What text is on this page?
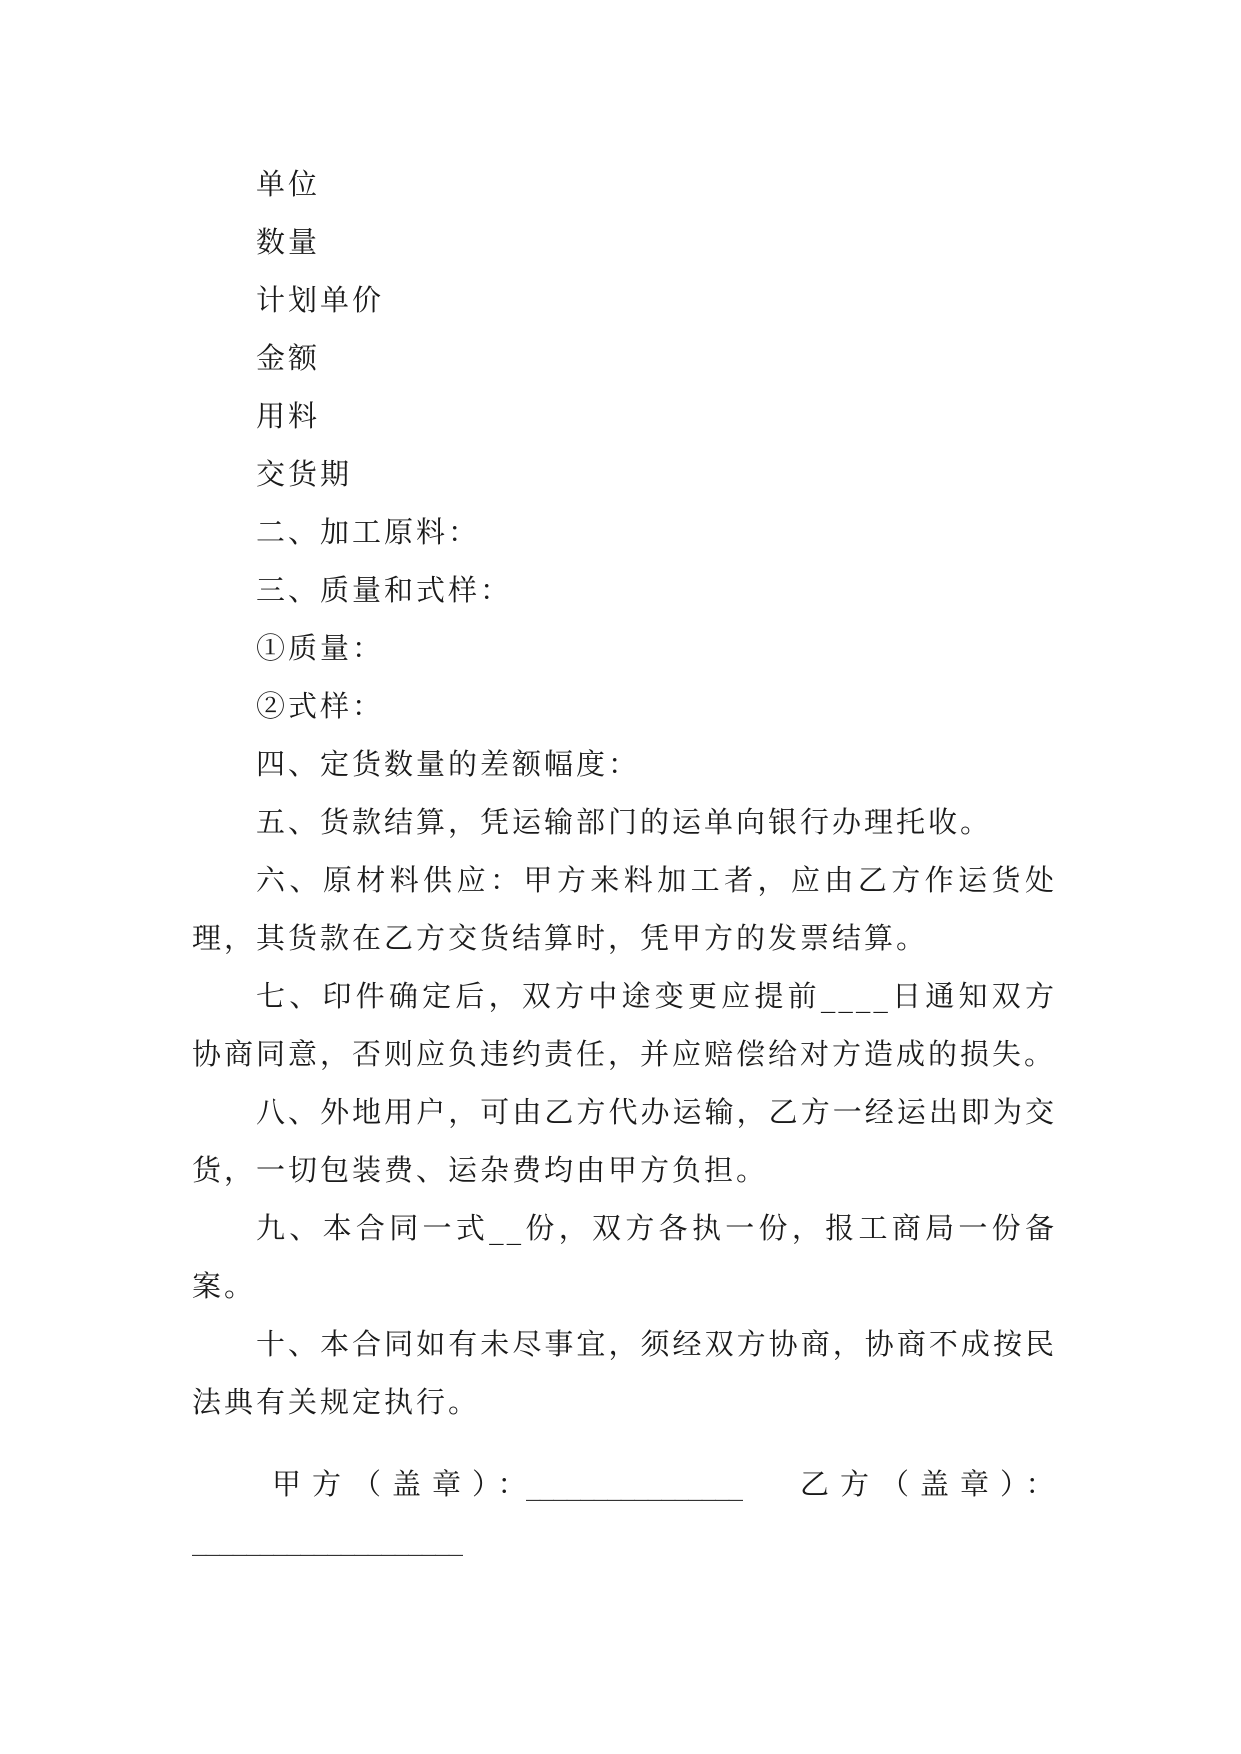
单位
数量
计划单价
金额
用料
交货期
二、加工原料：
三、质量和式样：
①质量：
②式样：
四、定货数量的差额幅度：
五、货款结算，凭运输部门的运单向银行办理托收。

六、原材料供应：甲方来料加工者，应由乙方作运货处理，其货款在乙方交货结算时，凭甲方的发票结算。

七、印件确定后，双方中途变更应提前____日通知双方协商同意，否则应负违约责任，并应赔偿给对方造成的损失。

八、外地用户，可由乙方代办运输，乙方一经运出即为交货，一切包装费、运杂费均由甲方负担。

九、本合同一式__份，双方各执一份，报工商局一份备案。

十、本合同如有未尽事宜，须经双方协商，协商不成按民法典有关规定执行。

甲方（盖章）：
________________ 乙方（盖章）：
____________________
